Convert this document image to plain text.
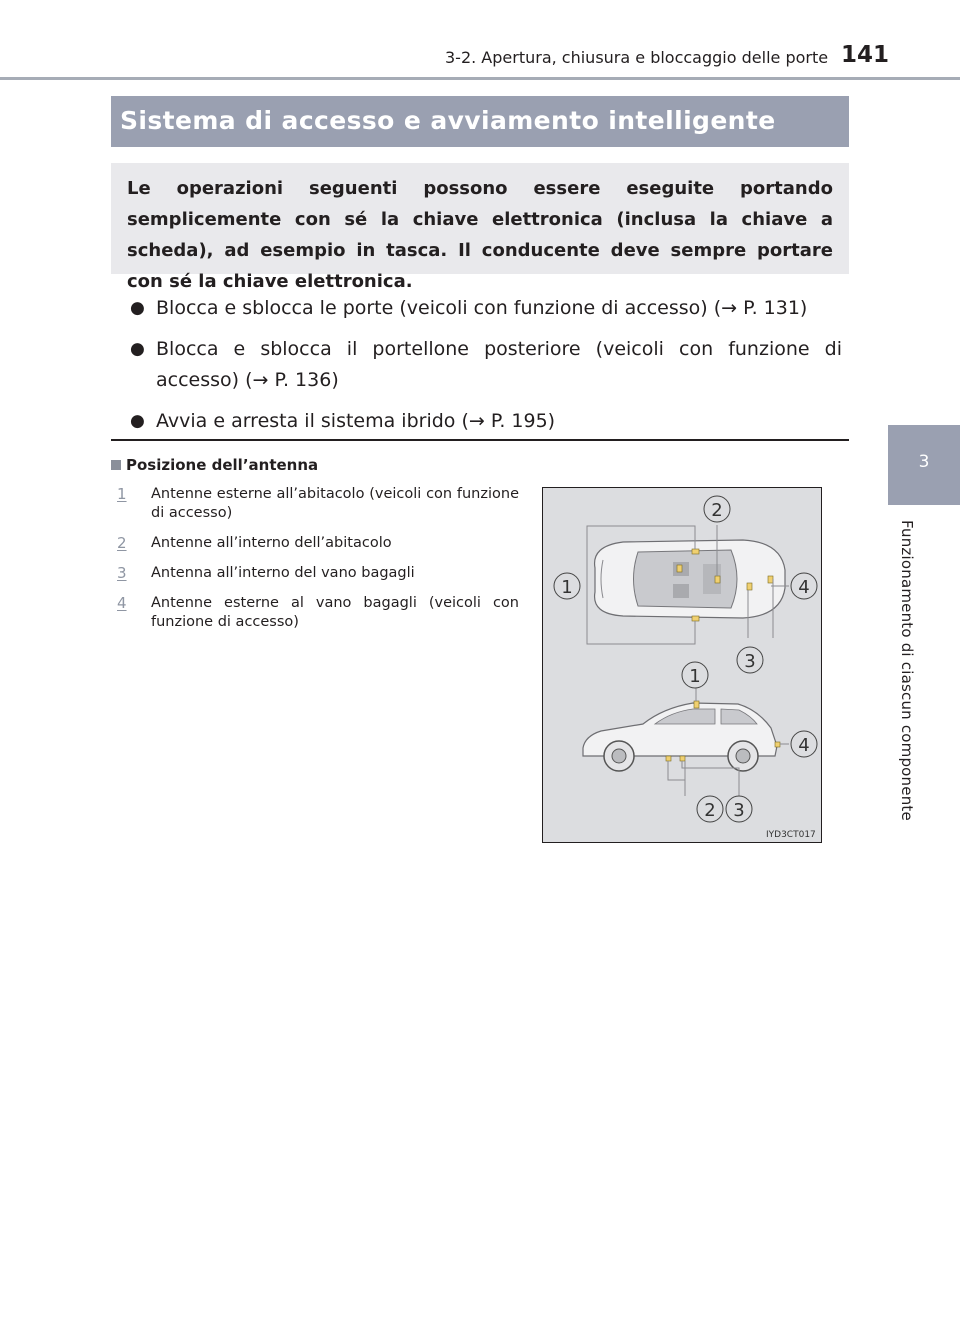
3-2. Apertura, chiusura e bloccaggio delle porte 141
Sistema di accesso e avviamento intelligente
Le operazioni seguenti possono essere eseguite portando semplicemente con sé la chiave elettronica (inclusa la chiave a scheda), ad esempio in tasca. Il conducente deve sempre portare con sé la chiave elettronica.
● Blocca e sblocca le porte (veicoli con funzione di accesso) (→ P. 131)
● Blocca e sblocca il portellone posteriore (veicoli con funzione di accesso) (→ P. 136)
● Avvia e arresta il sistema ibrido (→ P. 195)
Posizione dell’antenna
1 Antenne esterne all’abitacolo (veicoli con funzione di accesso)
2 Antenne all’interno dell’abitacolo
3 Antenna all’interno del vano bagagli
4 Antenne esterne al vano bagagli (veicoli con funzione di accesso)
2
1	4
3
1
4
2 3
IYD3CT017
3
Funzionamento di ciascun componente
